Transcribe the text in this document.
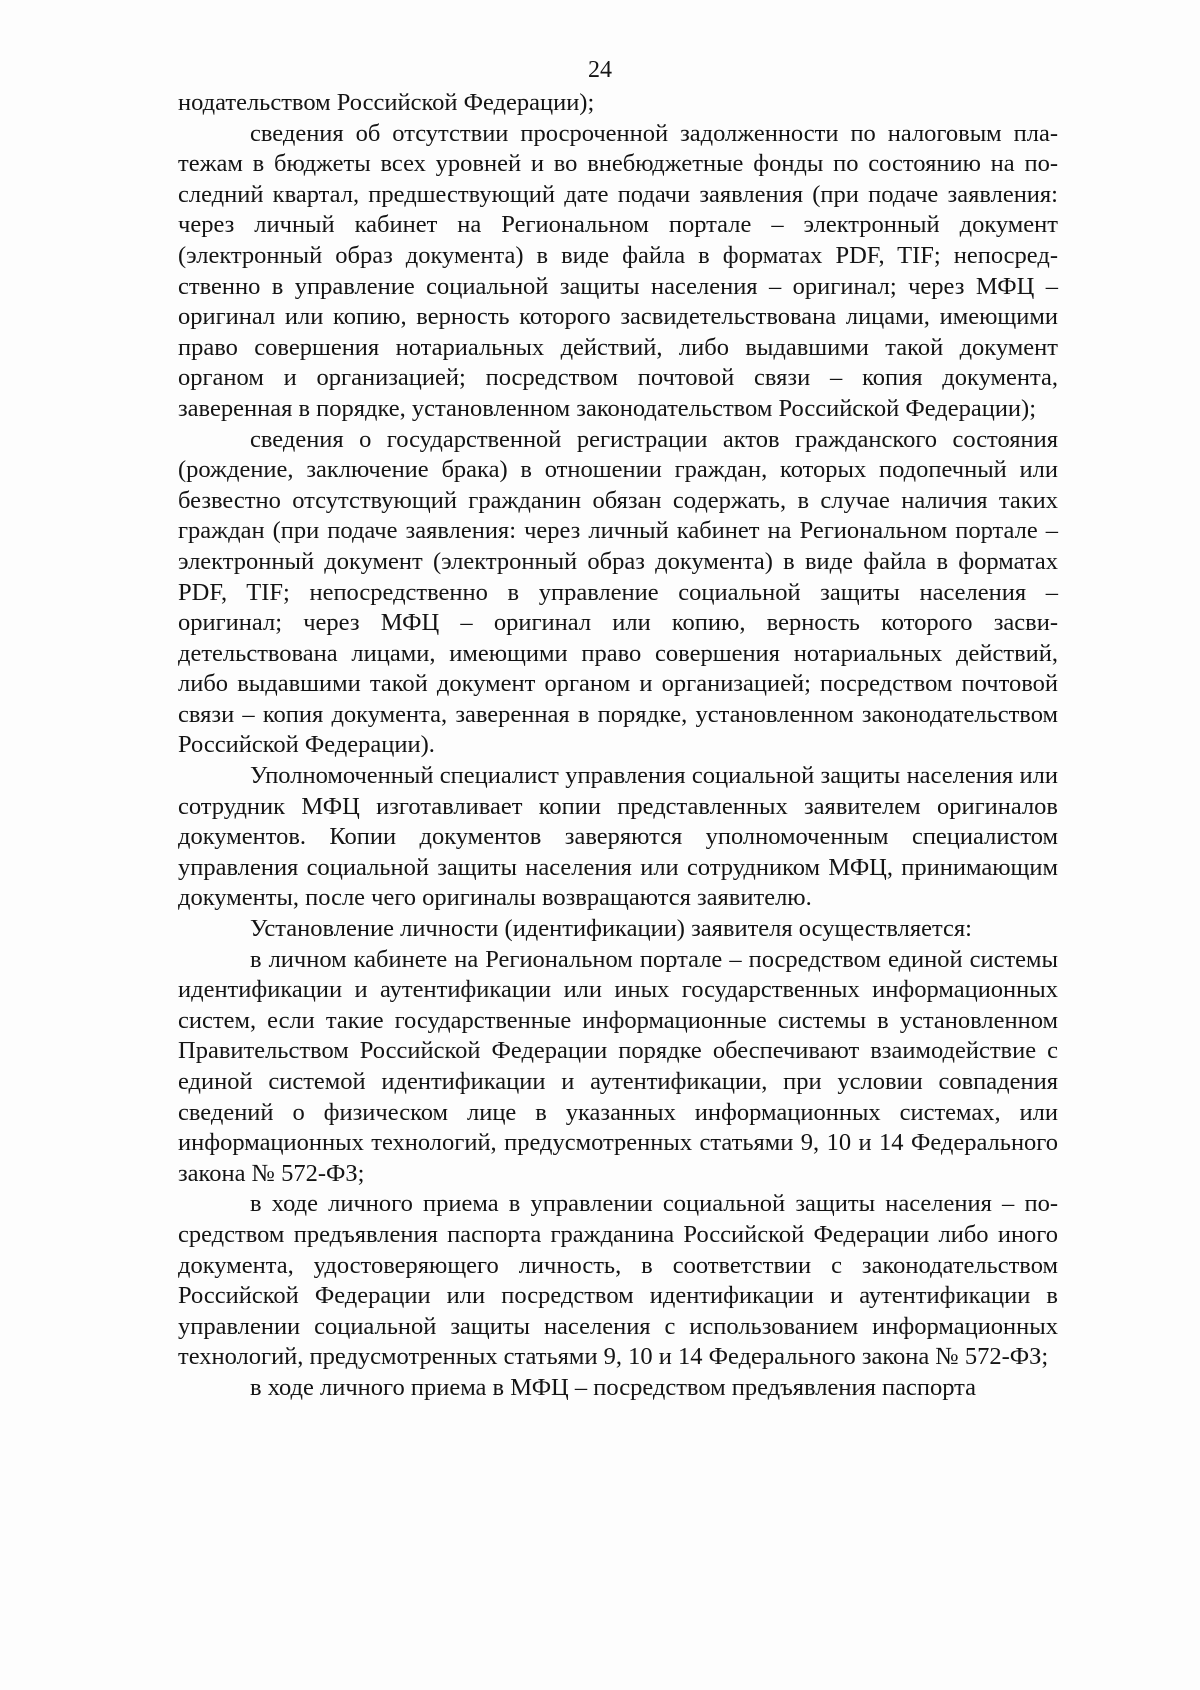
24

нодательством Российской Федерации);

сведения об отсутствии просроченной задолженности по налоговым платежам в бюджеты всех уровней и во внебюджетные фонды по состоянию на последний квартал, предшествующий дате подачи заявления (при подаче заявления: через личный кабинет на Региональном портале – электронный документ (электронный образ документа) в виде файла в форматах PDF, TIF; непосредственно в управление социальной защиты населения – оригинал; через МФЦ – оригинал или копию, верность которого засвидетельствована лицами, имеющими право совершения нотариальных действий, либо выдавшими такой документ органом и организацией; посредством почтовой связи – копия документа, заверенная в порядке, установленном законодательством Российской Федерации);

сведения о государственной регистрации актов гражданского состояния (рождение, заключение брака) в отношении граждан, которых подопечный или безвестно отсутствующий гражданин обязан содержать, в случае наличия таких граждан (при подаче заявления: через личный кабинет на Региональном портале – электронный документ (электронный образ документа) в виде файла в форматах PDF, TIF; непосредственно в управление социальной защиты населения – оригинал; через МФЦ – оригинал или копию, верность которого засвидетельствована лицами, имеющими право совершения нотариальных действий, либо выдавшими такой документ органом и организацией; посредством почтовой связи – копия документа, заверенная в порядке, установленном законодательством Российской Федерации).

Уполномоченный специалист управления социальной защиты населения или сотрудник МФЦ изготавливает копии представленных заявителем оригиналов документов. Копии документов заверяются уполномоченным специалистом управления социальной защиты населения или сотрудником МФЦ, принимающим документы, после чего оригиналы возвращаются заявителю.

Установление личности (идентификации) заявителя осуществляется:

в личном кабинете на Региональном портале – посредством единой системы идентификации и аутентификации или иных государственных информационных систем, если такие государственные информационные системы в установленном Правительством Российской Федерации порядке обеспечивают взаимодействие с единой системой идентификации и аутентификации, при условии совпадения сведений о физическом лице в указанных информационных системах, или информационных технологий, предусмотренных статьями 9, 10 и 14 Федерального закона № 572-ФЗ;

в ходе личного приема в управлении социальной защиты населения – посредством предъявления паспорта гражданина Российской Федерации либо иного документа, удостоверяющего личность, в соответствии с законодательством Российской Федерации или посредством идентификации и аутентификации в управлении социальной защиты населения с использованием информационных технологий, предусмотренных статьями 9, 10 и 14 Федерального закона № 572-ФЗ;

в ходе личного приема в МФЦ – посредством предъявления паспорта
